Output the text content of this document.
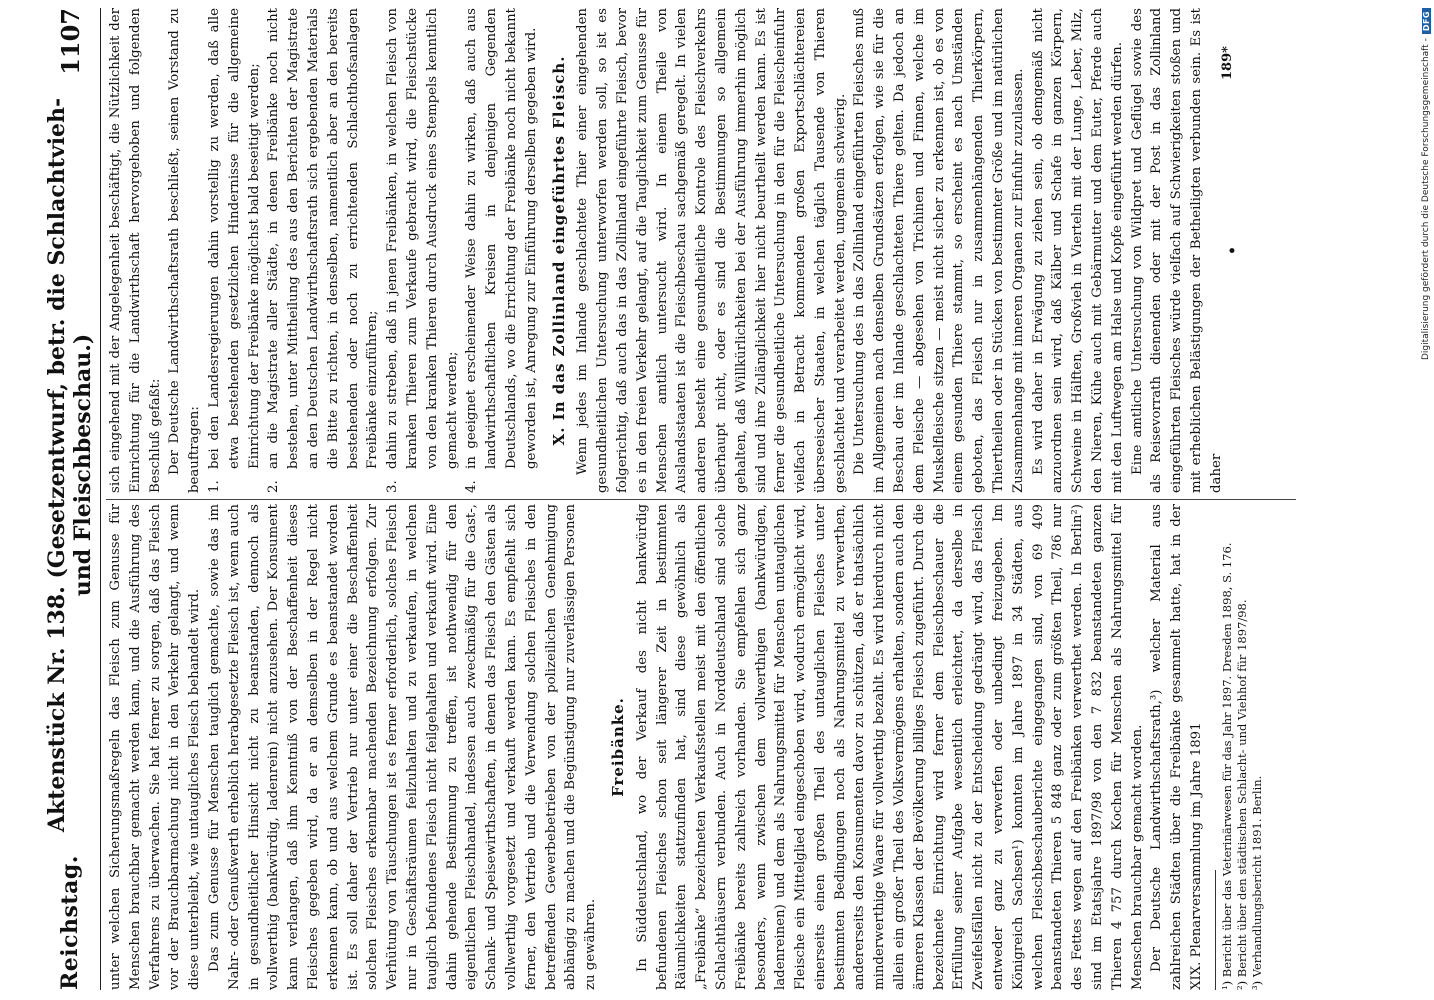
Reichstag.
Aktenstück Nr. 138. (Gesetzentwurf, betr. die Schlachtvieh- und Fleischbeschau.)
1107

unter welchen Sicherungsmaßregeln das Fleisch zum Genusse für Menschen brauchbar gemacht werden kann, und die Ausführung des Verfahrens zu überwachen. Sie hat ferner zu sorgen, daß das Fleisch vor der Brauchbarmachung nicht in den Verkehr gelangt, und wenn diese unterbleibt, wie untaugliches Fleisch behandelt wird. Das zum Genusse für Menschen tauglich gemachte, sowie das im Nahr- oder Genußwerth erheblich herabgesetzte Fleisch ist, wenn auch in gesundheitlicher Hinsicht nicht zu beanstanden, dennoch als vollwerthig (bankwürdig, ladenrein) nicht anzusehen. Der Konsument kann verlangen, daß ihm Kenntniß von der Beschaffenheit dieses Fleisches gegeben wird, da er an demselben in der Regel nicht erkennen kann, ob und aus welchem Grunde es beanstandet worden ist. Es soll daher der Vertrieb nur unter einer die Beschaffenheit solchen Fleisches erkennbar machenden Bezeichnung erfolgen. Zur Verhütung von Täuschungen ist es ferner erforderlich, solches Fleisch nur in Geschäftsräumen feilzuhalten und zu verkaufen, in welchen tauglich befundenes Fleisch nicht feilgehalten und verkauft wird. Eine dahin gehende Bestimmung zu treffen, ist nothwendig für den eigentlichen Fleischhandel, indessen auch zweckmäßig für die Gast-, Schank- und Speisewirthschaften, in denen das Fleisch den Gästen als vollwerthig vorgesetzt und verkauft werden kann. Es empfiehlt sich ferner, den Vertrieb und die Verwendung solchen Fleisches in den betreffenden Gewerbebetrieben von der polizeilichen Genehmigung abhängig zu machen und die Begünstigung nur zuverlässigen Personen zu gewähren.

Freibänke. In Süddeutschland, wo der Verkauf des nicht bankwürdig befundenen Fleisches schon seit längerer Zeit in bestimmten Räumlichkeiten stattzufinden hat, sind diese gewöhnlich als „Freibänke“ bezeichneten Verkaufsstellen meist mit den öffentlichen Schlachthäusern verbunden. Auch in Norddeutschland sind solche Freibänke bereits zahlreich vorhanden. Sie empfehlen sich ganz besonders, wenn zwischen dem vollwerthigen (bankwürdigen, ladenreinen) und dem als Nahrungsmittel für Menschen untauglichen Fleische ein Mittelglied eingeschoben wird, wodurch ermöglicht wird, einerseits einen großen Theil des untauglichen Fleisches unter bestimmten Bedingungen noch als Nahrungsmittel zu verwerthen, andererseits den Konsumenten davor zu schützen, daß er thatsächlich minderwerthige Waare für vollwerthig bezahlt. Es wird hierdurch nicht allein ein großer Theil des Volksvermögens erhalten, sondern auch den ärmeren Klassen der Bevölkerung billiges Fleisch zugeführt. Durch die bezeichnete Einrichtung wird ferner dem Fleischbeschauer die Erfüllung seiner Aufgabe wesentlich erleichtert, da derselbe in Zweifelsfällen nicht zu der Entscheidung gedrängt wird, das Fleisch entweder ganz zu verwerfen oder unbedingt freizugeben. Im Königreich Sachsen¹) konnten im Jahre 1897 in 34 Städten, aus welchen Fleischbeschauberichte eingegangen sind, von 69 409 beanstandeten Thieren 5 848 ganz oder zum größten Theil, 786 nur des Fettes wegen auf den Freibänken verwerthet werden. In Berlin²) sind im Etatsjahre 1897/98 von den 7 832 beanstandeten ganzen Thieren 4 757 durch Kochen für Menschen als Nahrungsmittel für Menschen brauchbar gemacht worden. Der Deutsche Landwirthschaftsrath,³) welcher Material aus zahlreichen Städten über die Freibänke gesammelt hatte, hat in der XIX. Plenarversammlung im Jahre 1891 ¹) Bericht über das Veterinärwesen für das Jahr 1897. Dresden 1898, S. 176. ²) Bericht über den städtischen Schlacht- und Viehhof für 1897/98. ³) Verhandlungsbericht 1891. Berlin.

sich eingehend mit der Angelegenheit beschäftigt, die Nützlichkeit der Einrichtung für die Landwirthschaft hervorgehoben und folgenden Beschluß gefaßt: Der Deutsche Landwirthschaftsrath beschließt, seinen Vorstand zu beauftragen: 1.
bei den Landesregierungen dahin vorstellig zu werden, daß alle etwa bestehenden gesetzlichen Hindernisse für die allgemeine Einrichtung der Freibänke möglichst bald beseitigt werden;
2.
an die Magistrate aller Städte, in denen Freibänke noch nicht bestehen, unter Mittheilung des aus den Berichten der Magistrate an den Deutschen Landwirthschaftsrath sich ergebenden Materials die Bitte zu richten, in denselben, namentlich aber an den bereits bestehenden oder noch zu errichtenden Schlachthofsanlagen Freibänke einzuführen;
3.
dahin zu streben, daß in jenen Freibänken, in welchen Fleisch von kranken Thieren zum Verkaufe gebracht wird, die Fleischstücke von den kranken Thieren durch Ausdruck eines Stempels kenntlich gemacht werden;
4.
in geeignet erscheinender Weise dahin zu wirken, daß auch aus landwirthschaftlichen Kreisen in denjenigen Gegenden Deutschlands, wo die Errichtung der Freibänke noch nicht bekannt geworden ist, Anregung zur Einführung derselben gegeben wird. X. In das Zollinland eingeführtes Fleisch. Wenn jedes im Inlande geschlachtete Thier einer eingehenden gesundheitlichen Untersuchung unterworfen werden soll, so ist es folgerichtig, daß auch das in das Zollinland eingeführte Fleisch, bevor es in den freien Verkehr gelangt, auf die Tauglichkeit zum Genusse für Menschen amtlich untersucht wird. In einem Theile von Auslandsstaaten ist die Fleischbeschau sachgemäß geregelt. In vielen anderen besteht eine gesundheitliche Kontrole des Fleischverkehrs überhaupt nicht, oder es sind die Bestimmungen so allgemein gehalten, daß Willkürlichkeiten bei der Ausführung immerhin möglich sind und ihre Zulänglichkeit hier nicht beurtheilt werden kann. Es ist ferner die gesundheitliche Untersuchung in den für die Fleischeinfuhr vielfach in Betracht kommenden großen Exportschlächtereien überseeischer Staaten, in welchen täglich Tausende von Thieren geschlachtet und verarbeitet werden, ungemein schwierig. Die Untersuchung des in das Zollinland eingeführten Fleisches muß im Allgemeinen nach denselben Grundsätzen erfolgen, wie sie für die Beschau der im Inlande geschlachteten Thiere gelten. Da jedoch an dem Fleische — abgesehen von Trichinen und Finnen, welche im Muskelfleische sitzen — meist nicht sicher zu erkennen ist, ob es von einem gesunden Thiere stammt, so erscheint es nach Umständen geboten, das Fleisch nur in zusammenhängenden Thierkörpern, Thiertheilen oder in Stücken von bestimmter Größe und im natürlichen Zusammenhange mit inneren Organen zur Einfuhr zuzulassen. Es wird daher in Erwägung zu ziehen sein, ob demgemäß nicht anzuordnen sein wird, daß Kälber und Schafe in ganzen Körpern, Schweine in Hälften, Großvieh in Vierteln mit der Lunge, Leber, Milz, den Nieren, Kühe auch mit Gebärmutter und dem Euter, Pferde auch mit den Luftwegen am Halse und Kopfe eingeführt werden dürfen. Eine amtliche Untersuchung von Wildpret und Geflügel sowie des als Reisevorrath dienenden oder mit der Post in das Zollinland eingeführten Fleisches würde vielfach auf Schwierigkeiten stoßen und mit erheblichen Belästigungen der Betheiligten verbunden sein. Es ist daher

•
189*	Digitalisierung gefördert durch die Deutsche Forschungsgemeinschaft -
DFG
